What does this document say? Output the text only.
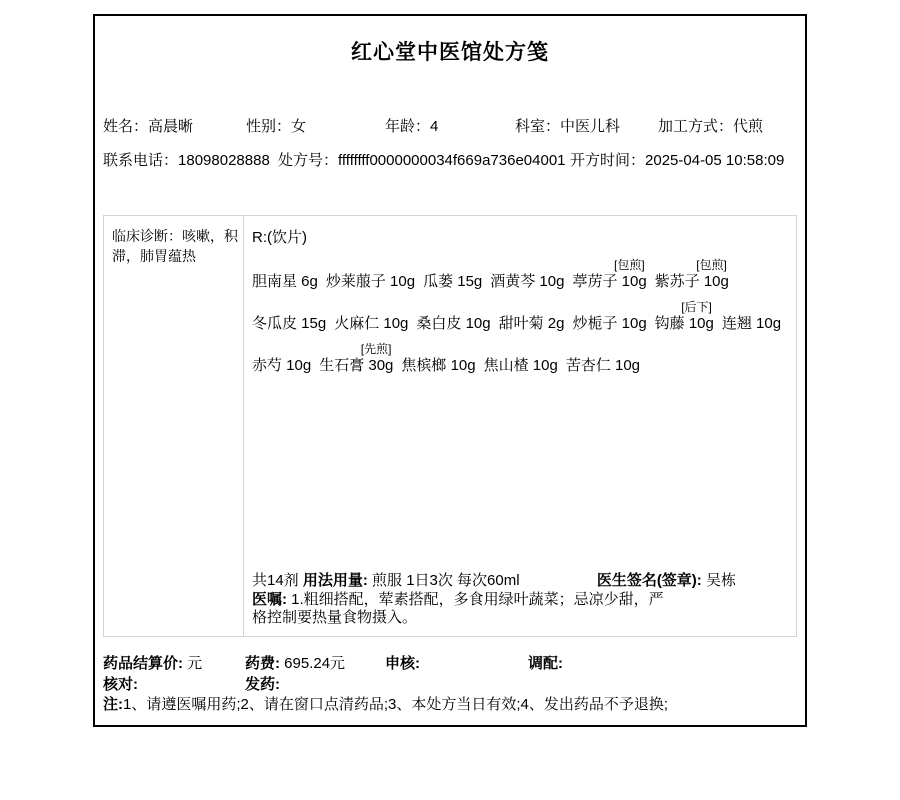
红心堂中医馆处方笺
姓名：高晨晰	性别：女	年龄：4	科室：中医儿科	加工方式：代煎
联系电话：18098028888 处方号：ffffffff0000000034f669a736e04001 开方时间：2025-04-05 10:58:09
临床诊断：咳嗽，积滞，肺胃蕴热
R:(饮片)

胆南星 6g
炒莱菔子 10g
瓜蒌 15g
酒黄芩 10g
[包煎]
葶苈子 10g
[包煎]
紫苏子 10g

冬瓜皮 15g
火麻仁 10g
桑白皮 10g
甜叶菊 2g
炒栀子 10g
[后下]
钩藤 10g
连翘 10g

赤芍 10g
[先煎]
生石膏 30g
焦槟榔 10g
焦山楂 10g
苦杏仁 10g
共14剂 用法用量: 煎服 1日3次 每次60ml	医生签名(签章): 吴栋
医嘱: 1.粗细搭配，荤素搭配，多食用绿叶蔬菜；忌凉少甜，严格控制要热量食物摄入。
药品结算价: 元	药费: 695.24元	申核:	调配:
核对:	发药:
注:1、请遵医嘱用药;2、请在窗口点清药品;3、本处方当日有效;4、发出药品不予退换;
